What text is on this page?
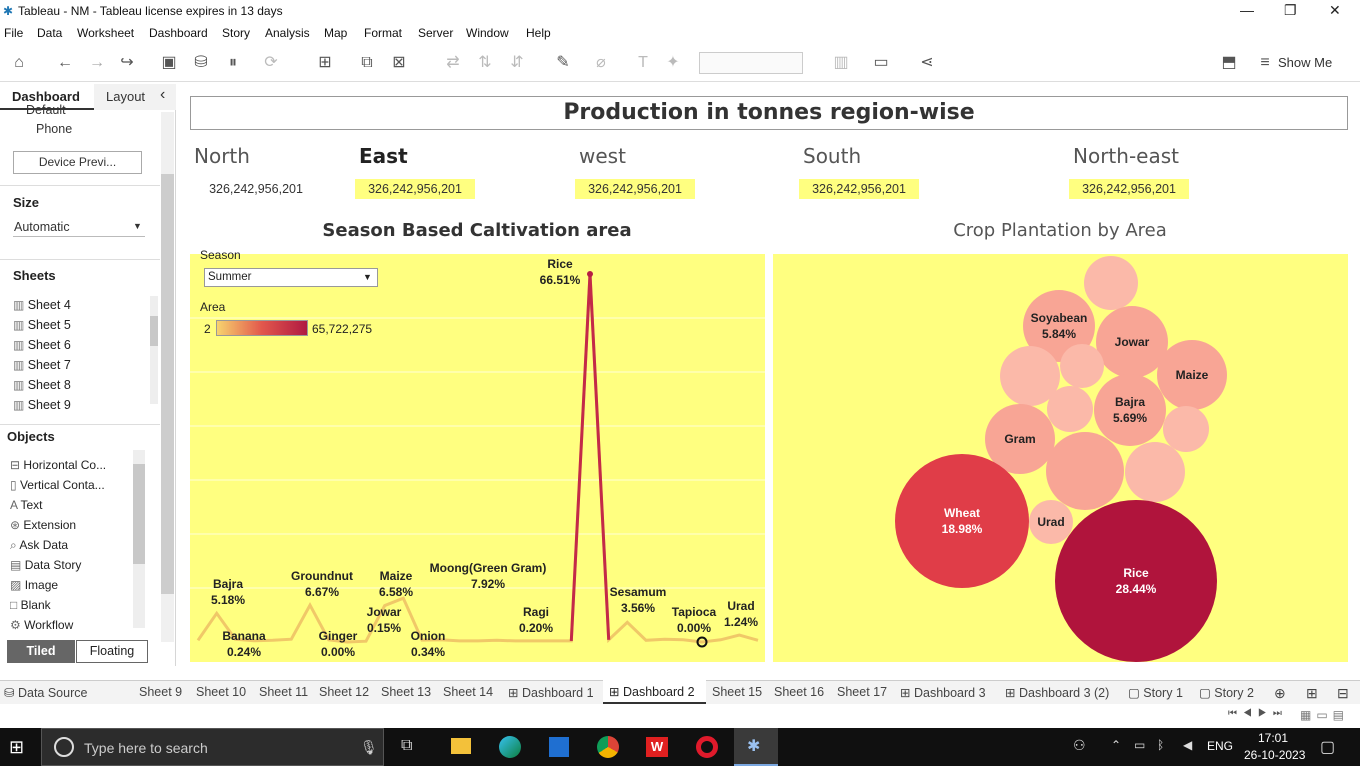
✱ Tableau - NM - Tableau license expires in 13 days	— ❐ ✕
File Data Worksheet Dashboard Story Analysis Map Format Server Window Help
⌂	← → ↪ ▣ ⛁	⏸	⟳	⊞	⧉	⊠	⇄ ⇅ ⇵ ✎	⌀	T	✦	▥ ▭ ⋖	⬒	≡ Show Me
Dashboard Layout ‹
Default
Phone
Device Previ...
Size
Automatic	▼
Sheets
▥ Sheet 4
▥ Sheet 5
▥ Sheet 6
▥ Sheet 7
▥ Sheet 8
▥ Sheet 9
Objects
⊟ Horizontal Co...
▯ Vertical Conta...
A Text
⊛ Extension
⌕ Ask Data
▤ Data Story
▨ Image
□ Blank
⚙ Workflow
Tiled	Floating
Production in tonnes region-wise
North	East	west	South	North-east
326,242,956,201	326,242,956,201	326,242,956,201	326,242,956,201	326,242,956,201
Season Based Caltivation area	Crop Plantation by Area
Season
Summer	▼
Area
2	65,722,275
Bajra
5.18%
Banana
0.24%
Groundnut
6.67%
Ginger
0.00%
Jowar
0.15%
Maize
6.58%
Onion
0.34%
Moong(Green Gram)
7.92%
Ragi
0.20%
Rice
66.51%
Sesamum
3.56%	Tapioca
0.00%
Urad
1.24%
Soyabean
5.84%
Jowar
Maize
Bajra
5.69%
Gram
Wheat
18.98%	Urad
Rice
28.44%
⛁ Data Source	Sheet 9 Sheet 10 Sheet 11 Sheet 12 Sheet 13 Sheet 14 ⊞ Dashboard 1 ⊞ Dashboard 2 Sheet 15 Sheet 16 Sheet 17 ⊞ Dashboard 3 ⊞ Dashboard 3 (2) ▢ Story 1 ▢ Story 2 ⊕ ⊞ ⊟
⏮◀▶⏭ ▦▭▤
⊞	Type here to search	🎙 ⧉	W	✱	⚇ ⌃ ▭ ᛒ ◀ ENG
17:01
26-10-2023 ▢
